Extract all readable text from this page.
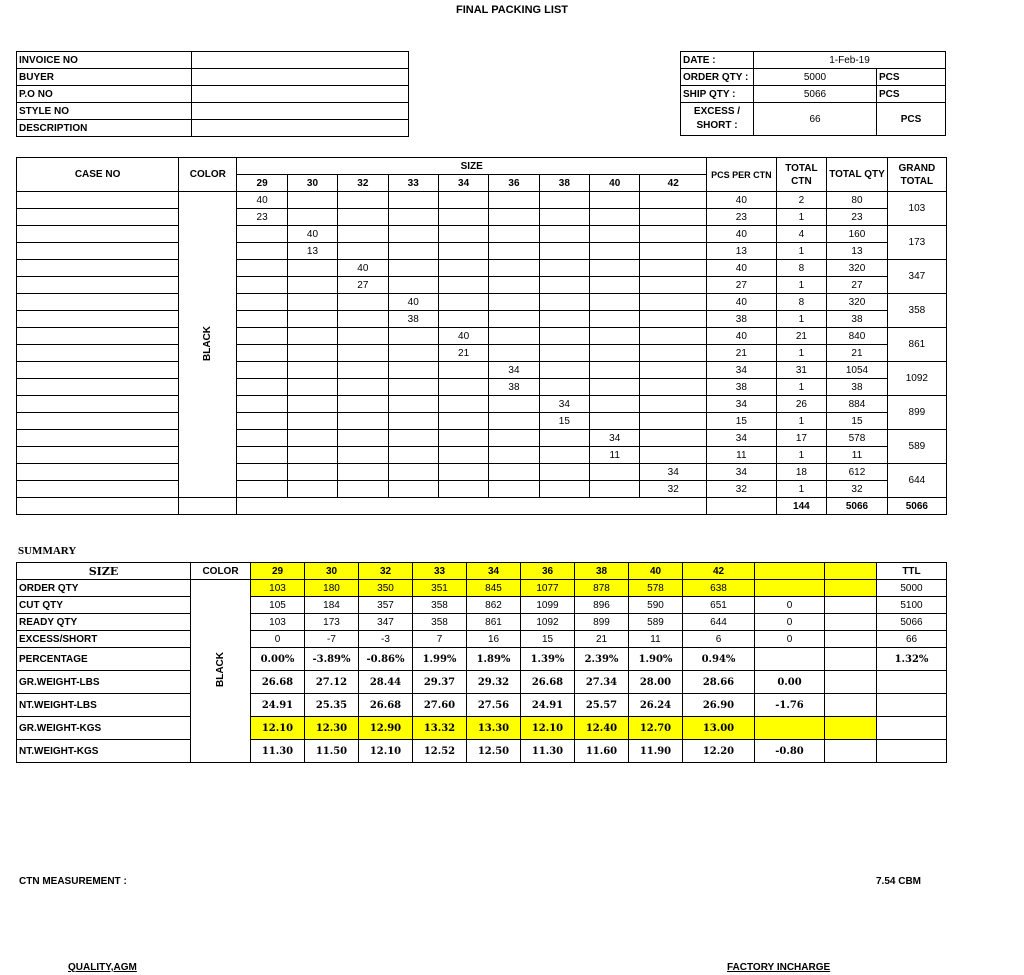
FINAL PACKING LIST
INVOICE NO	
BUYER	
P.O NO	
STYLE NO	
DESCRIPTION	
DATE :	1-Feb-19	
ORDER QTY :	5000	PCS
SHIP QTY :	5066	PCS
EXCESS /
SHORT :	66	PCS
CASE NO	COLOR	SIZE									PCS PER CTN	TOTAL CTN	TOTAL QTY	GRAND TOTAL
		29	30	32	33	34	36	38	40	42				
	BLACK	40									40	2	80	103
		23									23	1	23	
			40								40	4	160	173
			13								13	1	13	
				40							40	8	320	347
				27							27	1	27	
					40						40	8	320	358
					38						38	1	38	
						40					40	21	840	861
						21					21	1	21	
							34				34	31	1054	1092
							38				38	1	38	
								34			34	26	884	899
								15			15	1	15	
									34		34	17	578	589
									11		11	1	11	
										34	34	18	612	644
										32	32	1	32	
												144	5066	5066
SUMMARY
SIZE	COLOR	29	30	32	33	34	36	38	40	42			TTL
ORDER QTY	BLACK	103	180	350	351	845	1077	878	578	638			5000
CUT QTY		105	184	357	358	862	1099	896	590	651	0		5100
READY QTY		103	173	347	358	861	1092	899	589	644	0		5066
EXCESS/SHORT		0	-7	-3	7	16	15	21	11	6	0		66
PERCENTAGE		0.00%	-3.89%	-0.86%	1.99%	1.89%	1.39%	2.39%	1.90%	0.94%			1.32%
GR.WEIGHT-LBS		26.68	27.12	28.44	29.37	29.32	26.68	27.34	28.00	28.66	0.00		
NT.WEIGHT-LBS		24.91	25.35	26.68	27.60	27.56	24.91	25.57	26.24	26.90	-1.76		
GR.WEIGHT-KGS		12.10	12.30	12.90	13.32	13.30	12.10	12.40	12.70	13.00			
NT.WEIGHT-KGS		11.30	11.50	12.10	12.52	12.50	11.30	11.60	11.90	12.20	-0.80		
CTN MEASUREMENT :	7.54 CBM
QUALITY,AGM	FACTORY INCHARGE
